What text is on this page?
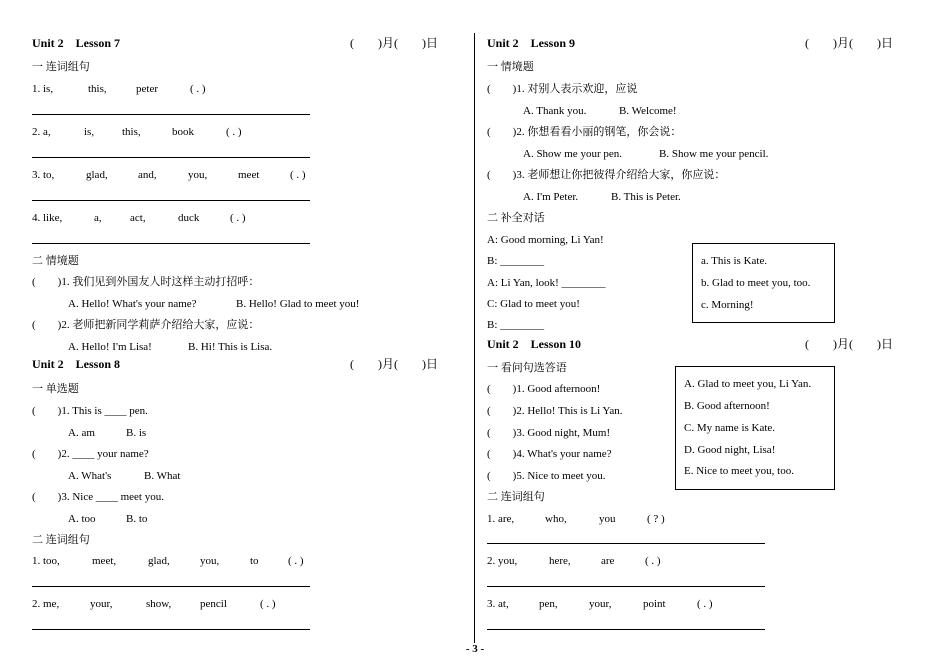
Unit 2　Lesson 7	(　　)月(　　)日
一 连词组句
1. is,	this,	peter	( . )
2. a,	is,	this,	book	( . )
3. to,	glad,	and,	you,	meet	( . )
4. like,	a,	act,	duck	( . )
二 情境题
(　　)1. 我们见到外国友人时这样主动打招呼：
A. Hello! What's your name?	B. Hello! Glad to meet you!
(　　)2. 老师把新同学莉萨介绍给大家，应说：
A. Hello! I'm Lisa!	B. Hi! This is Lisa.
Unit 2　Lesson 8	(　　)月(　　)日
一 单选题
(　　)1. This is ____ pen.
A. am	B. is
(　　)2. ____ your name?
A. What's	B. What
(　　)3. Nice ____ meet you.
A. too	B. to
二 连词组句
1. too,	meet,	glad,	you,	to	( . )
2. me,	your,	show,	pencil	( . )
Unit 2　Lesson 9	(　　)月(　　)日
一 情境题
(　　)1. 对别人表示欢迎，应说
A. Thank you.	B. Welcome!
(　　)2. 你想看看小丽的钢笔，你会说：
A. Show me your pen.	B. Show me your pencil.
(　　)3. 老师想让你把彼得介绍给大家，你应说：
A. I'm Peter.	B. This is Peter.
二 补全对话
A: Good morning, Li Yan!
B: ________
A: Li Yan, look! ________
C: Glad to meet you!
B: ________
a. This is Kate.
b. Glad to meet you, too.
c. Morning!
Unit 2　Lesson 10	(　　)月(　　)日
一 看问句选答语
(　　)1. Good afternoon!
(　　)2. Hello! This is Li Yan.
(　　)3. Good night, Mum!
(　　)4. What's your name?
(　　)5. Nice to meet you.
A. Glad to meet you, Li Yan.
B. Good afternoon!
C. My name is Kate.
D. Good night, Lisa!
E. Nice to meet you, too.
二 连词组句
1. are,	who,	you	( ? )
2. you,	here,	are	( . )
3. at,	pen,	your,	point	( . )
- 3 -
